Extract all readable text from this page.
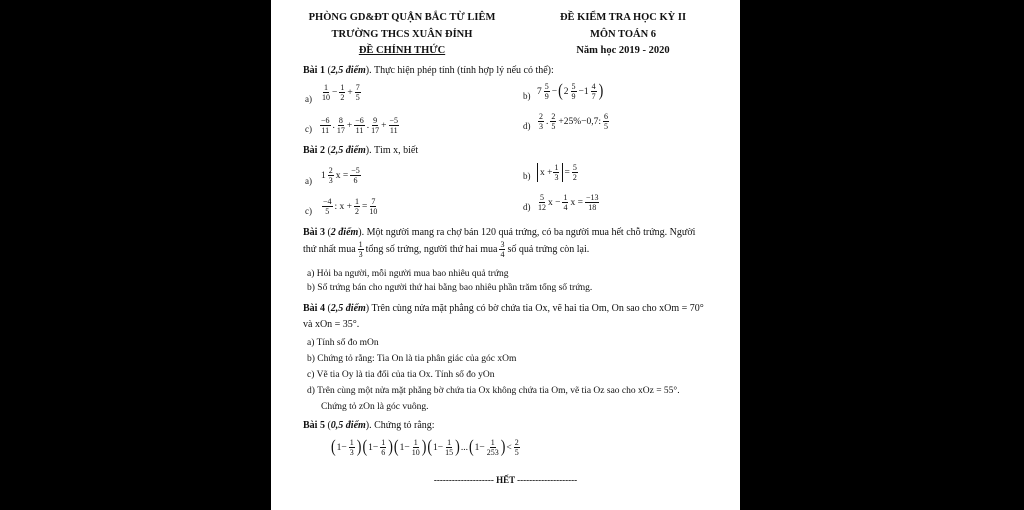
PHÒNG GD&ĐT QUẬN BẮC TỪ LIÊM
TRƯỜNG THCS XUÂN ĐỈNH
ĐỀ CHÍNH THỨC
ĐỀ KIỂM TRA HỌC KỲ II
MÔN TOÁN 6
Năm học 2019 - 2020
Bài 1 (2,5 điểm). Thực hiện phép tính (tính hợp lý nếu có thể):
a)
1
10 − 1
2 + 7
5	b) 7 5
9 − ( 2 5
9 −1 4
7 )
c)
−6
11 . 8
17 + −6
11 . 9
17 + −5
11	d)
2
3 . 2
5 +25%−0,7: 6
5
Bài 2 (2,5 điểm). Tìm x, biết
a)
1 2
3 x = −5
6	b)	x + 1
3 = 5
2
c)
−4
5 : x + 1
2 = 7
10	d)
5
12 x − 1
4 x = −13
18
Bài 3 (2 điểm). Một người mang ra chợ bán 120 quả trứng, có ba người mua hết chỗ trứng. Người
thứ nhất mua 1
3 tổng số trứng, người thứ hai mua 3
4 số quả trứng còn lại.
a) Hỏi ba người, mỗi người mua bao nhiêu quả trứng
b) Số trứng bán cho người thứ hai bằng bao nhiêu phần trăm tổng số trứng.
Bài 4 (2,5 điểm) Trên cùng nửa mặt phẳng có bờ chứa tia Ox, vẽ hai tia Om, On sao cho xOm = 70°
và xOn = 35°.
a) Tính số đo mOn
b) Chứng tỏ rằng: Tia On là tia phân giác của góc xOm
c) Vẽ tia Oy là tia đối của tia Ox. Tính số đo yOn
d) Trên cùng một nửa mặt phẳng bờ chứa tia Ox không chứa tia Om, vẽ tia Oz sao cho xOz = 55°.
Chứng tỏ zOn là góc vuông.
Bài 5 (0,5 điểm). Chứng tỏ rằng:
( 1− 1
3 ) ( 1− 1
6 ) ( 1− 1
10 ) ( 1− 1
15 ) ... ( 1− 1
253 ) < 2
5
-------------------- HẾT --------------------
